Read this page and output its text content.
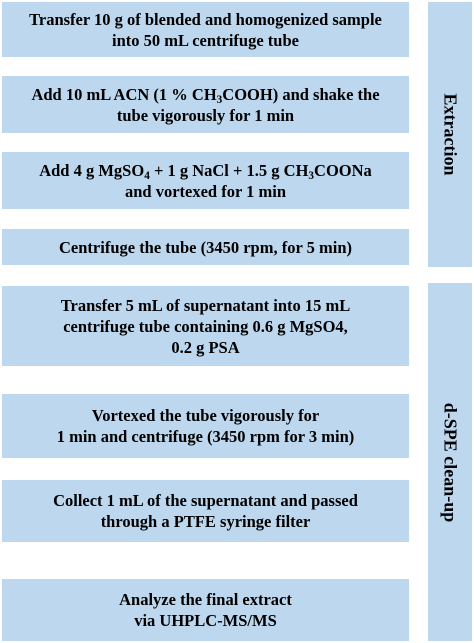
Transfer 10 g of blended and homogenized sample
into 50 mL centrifuge tube
Add 10 mL ACN (1 % $CH_3COOH$) and shake the
tube vigorously for 1 min
Add 4 g MgSO$_4$ + 1 g NaCl + 1.5 g $CH_3COONa$
and vortexed for 1 min
Centrifuge the tube (3450 rpm, for 5 min)
Transfer 5 mL of supernatant into 15 mL
centrifuge tube containing 0.6 g MgSO4,
0.2 g PSA
Vortexed the tube vigorously for
1 min and centrifuge (3450 rpm for 3 min)
Collect 1 mL of the supernatant and passed
through a PTFE syringe filter
Analyze the final extract
via UHPLC-MS/MS
Extraction
d-SPE clean-up
